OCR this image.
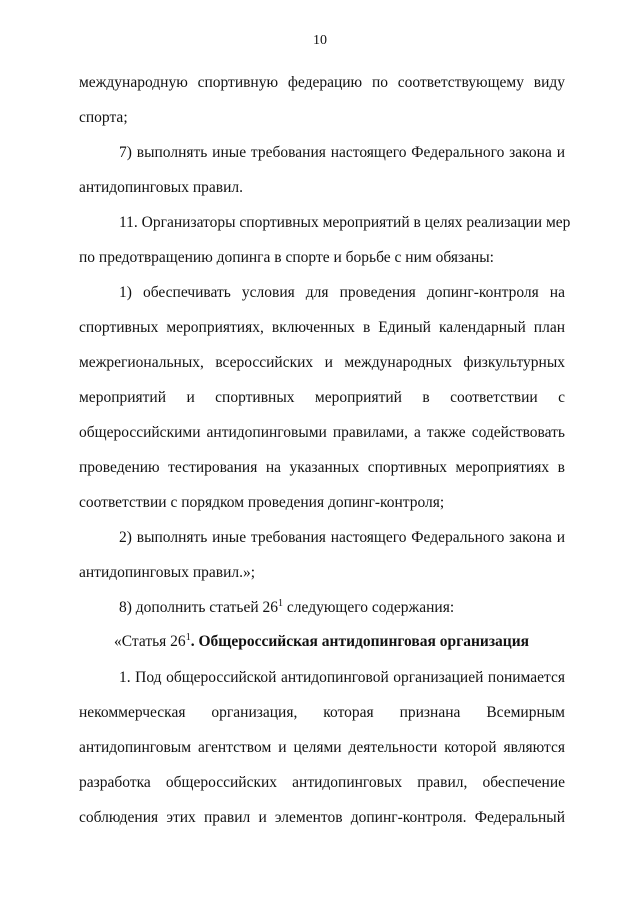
10
международную спортивную федерацию по соответствующему виду
спорта;
7) выполнять иные требования настоящего Федерального закона и
антидопинговых правил.
11. Организаторы спортивных мероприятий в целях реализации мер
по предотвращению допинга в спорте и борьбе с ним обязаны:
1) обеспечивать условия для проведения допинг-контроля на
спортивных мероприятиях, включенных в Единый календарный план
межрегиональных, всероссийских и международных физкультурных
мероприятий и спортивных мероприятий в соответствии с
общероссийскими антидопинговыми правилами, а также содействовать
проведению тестирования на указанных спортивных мероприятиях в
соответствии с порядком проведения допинг-контроля;
2) выполнять иные требования настоящего Федерального закона и
антидопинговых правил.»;
8) дополнить статьей $26^1$ следующего содержания:
«Статья $26^1$. Общероссийская антидопинговая организация
1. Под общероссийской антидопинговой организацией понимается
некоммерческая организация, которая признана Всемирным
антидопинговым агентством и целями деятельности которой являются
разработка общероссийских антидопинговых правил, обеспечение
соблюдения этих правил и элементов допинг-контроля. Федеральный
